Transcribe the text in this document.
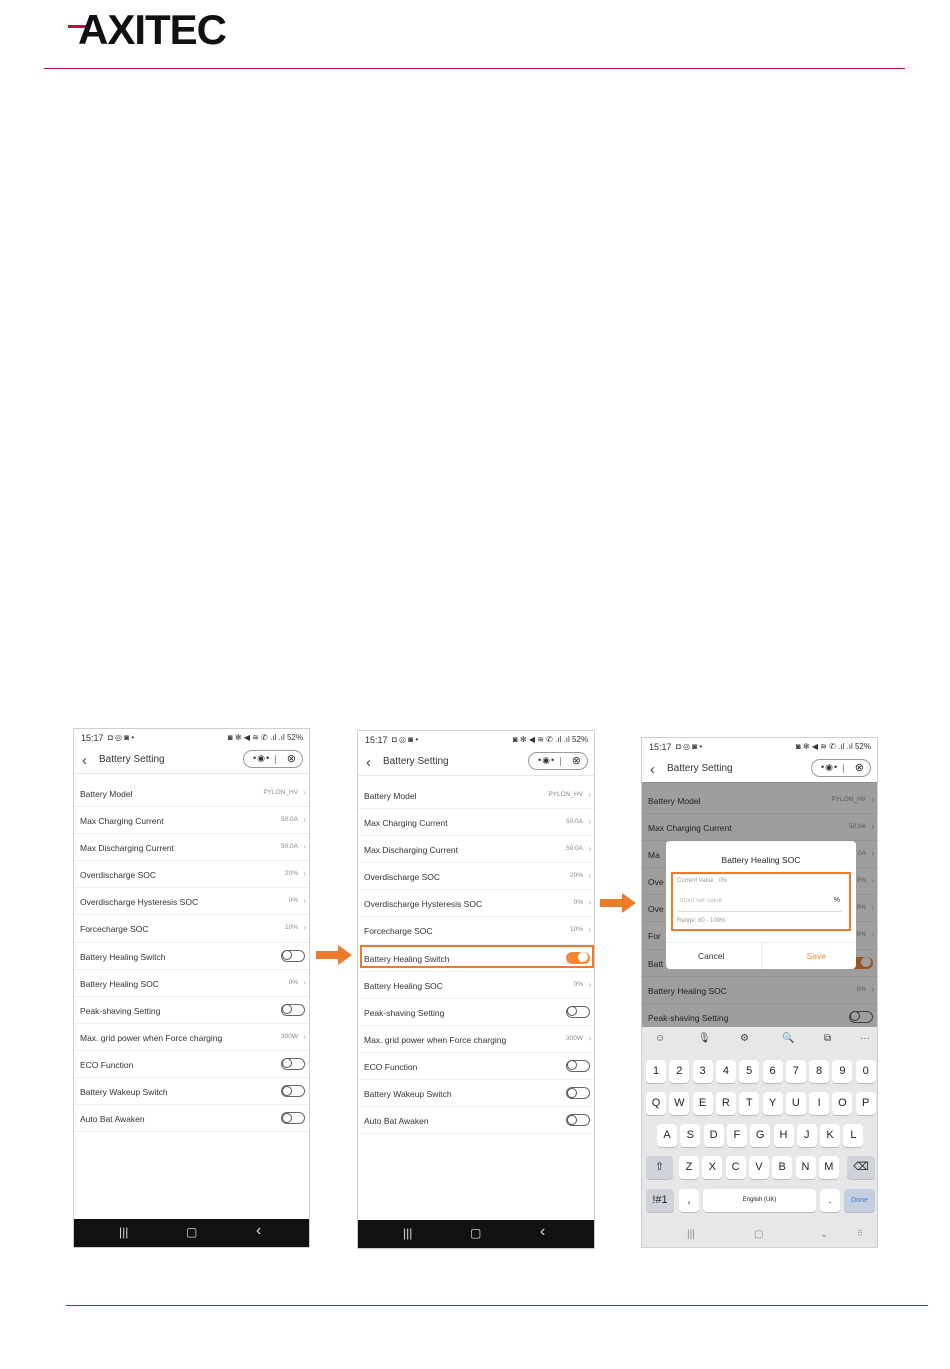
AXITEC
15:17 ◘ ◎ ◙ •	◙ ✻ ◀ ≋ ✆ .ıl .ıl 52%
‹ Battery Setting	•◉• ⊗
Battery Model	PYLON_HV ›
Max Charging Current	50.0A ›
Max Discharging Current	50.0A ›
Overdischarge SOC	20% ›
Overdischarge Hysteresis SOC	0% ›
Forcecharge SOC	10% ›
Battery Healing Switch
Battery Healing SOC	0% ›
Peak-shaving Setting
Max. grid power when Force charging	300W ›
ECO Function
Battery Wakeup Switch
Auto Bat Awaken
|||	▢	‹
15:17 ◘ ◎ ◙ •	◙ ✻ ◀ ≋ ✆ .ıl .ıl 52%
‹ Battery Setting	•◉• ⊗
Battery Model	PYLON_HV ›
Max Charging Current	50.0A ›
Max Discharging Current	50.0A ›
Overdischarge SOC	20% ›
Overdischarge Hysteresis SOC	0% ›
Forcecharge SOC	10% ›
Battery Healing Switch
Battery Healing SOC	0% ›
Peak-shaving Setting
Max. grid power when Force charging	300W ›
ECO Function
Battery Wakeup Switch
Auto Bat Awaken
|||	▢	‹
15:17 ◘ ◎ ◙ •	◙ ✻ ◀ ≋ ✆ .ıl .ıl 52%
‹ Battery Setting	•◉• ⊗
Battery Model	PYLON_HV ›
Max Charging Current	50.0A ›
Ma	0A ›
Ove	0% ›
Ove	0% ›
For	0% ›
Batt
Battery Healing SOC	0% ›
Peak-shaving Setting
Battery Healing SOC
Current Value : 0%
Input set value	%
Range: 80 - 100%
Cancel	Save
☺	🎙	⚙	🔍	⧉	···
1	2	3	4	5	6	7	8	9	0
Q	W	E	R	T	Y	U	I	O	P
A	S	D	F	G	H	J	K	L
⇧	Z	X	C	V	B	N	M	⌫
!#1	,	English (UK)	.	Done
|||	▢	⌄	⠿
